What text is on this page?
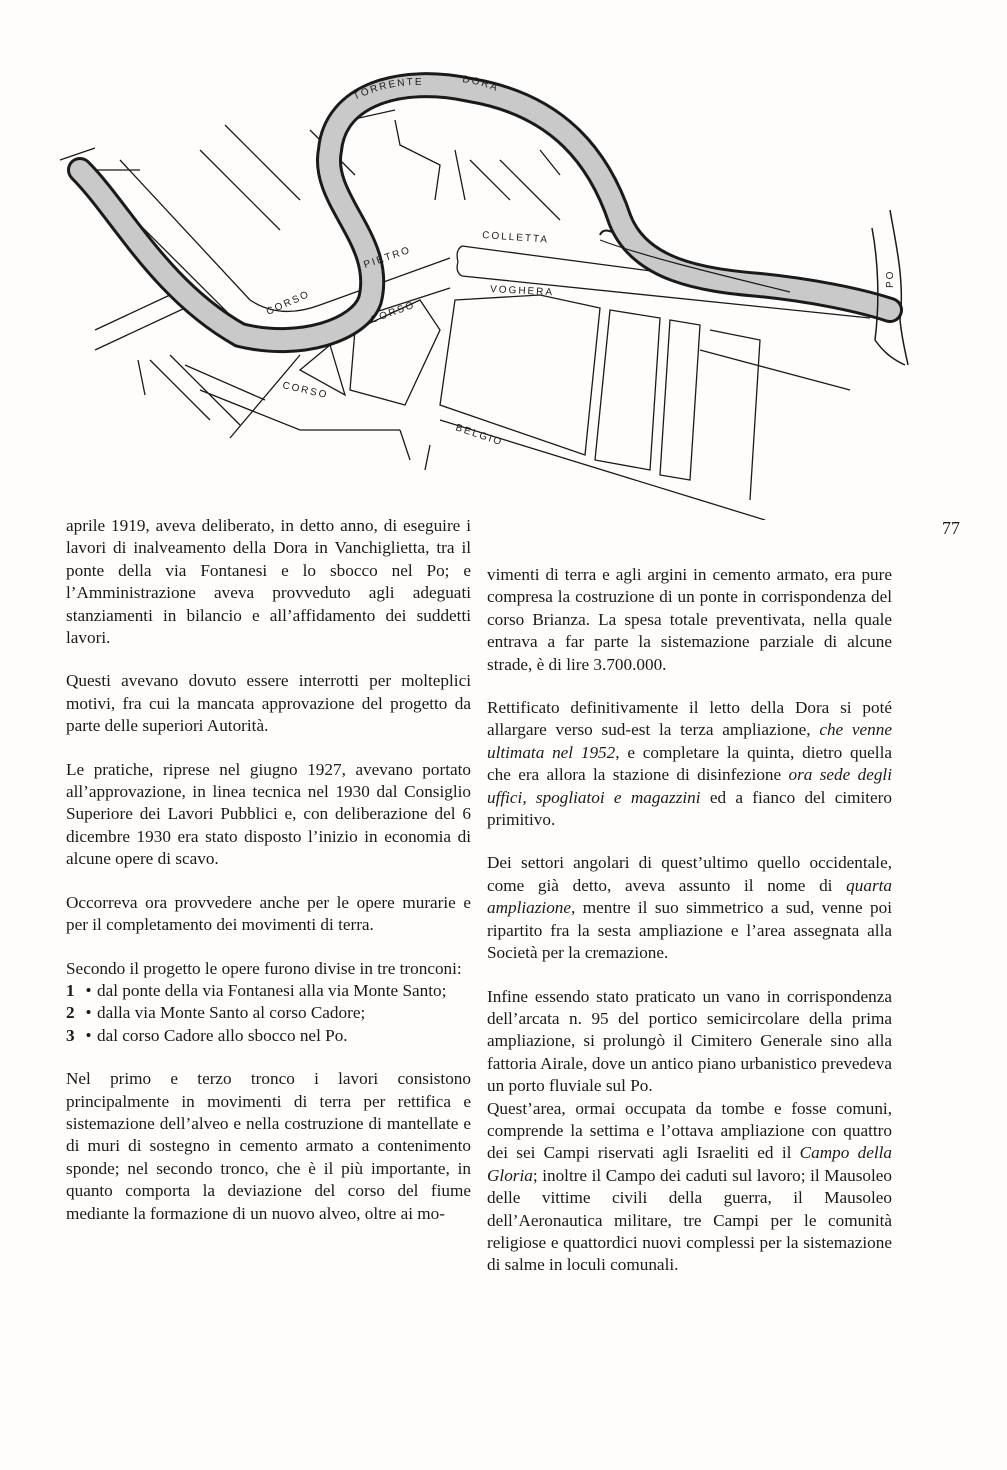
TORRENTE	DORA
COLLETTA
VOGHERA
PIETRO
CORSO
CORSO
CORSO
BELGIO
PO
77

aprile 1919, aveva deliberato, in detto anno, di eseguire i lavori di inalveamento della Dora in Vanchiglietta, tra il ponte della via Fontanesi e lo sbocco nel Po; e l’Amministrazione aveva provveduto agli adeguati stanziamenti in bilancio e all’affidamento dei suddetti lavori.

Questi avevano dovuto essere interrotti per molteplici motivi, fra cui la mancata approvazione del progetto da parte delle superiori Autorità.

Le pratiche, riprese nel giugno 1927, avevano portato all’approvazione, in linea tecnica nel 1930 dal Consiglio Superiore dei Lavori Pubblici e, con deliberazione del 6 dicembre 1930 era stato disposto l’inizio in economia di alcune opere di scavo.

Occorreva ora provvedere anche per le opere murarie e per il completamento dei movimenti di terra.

Secondo il progetto le opere furono divise in tre tronconi:

1 • dal ponte della via Fontanesi alla via Monte Santo;
2 • dalla via Monte Santo al corso Cadore;
3 • dal corso Cadore allo sbocco nel Po.

Nel primo e terzo tronco i lavori consistono principalmente in movimenti di terra per rettifica e sistemazione dell’alveo e nella costruzione di mantellate e di muri di sostegno in cemento armato a contenimento sponde; nel secondo tronco, che è il più importante, in quanto comporta la deviazione del corso del fiume mediante la formazione di un nuovo alveo, oltre ai mo-

vimenti di terra e agli argini in cemento armato, era pure compresa la costruzione di un ponte in corrispondenza del corso Brianza. La spesa totale preventivata, nella quale entrava a far parte la sistemazione parziale di alcune strade, è di lire 3.700.000.

Rettificato definitivamente il letto della Dora si poté allargare verso sud-est la terza ampliazione, che venne ultimata nel 1952, e completare la quinta, dietro quella che era allora la stazione di disinfezione ora sede degli uffici, spogliatoi e magazzini ed a fianco del cimitero primitivo.

Dei settori angolari di quest’ultimo quello occidentale, come già detto, aveva assunto il nome di quarta ampliazione, mentre il suo simmetrico a sud, venne poi ripartito fra la sesta ampliazione e l’area assegnata alla Società per la cremazione.

Infine essendo stato praticato un vano in corrispondenza dell’arcata n. 95 del portico semicircolare della prima ampliazione, si prolungò il Cimitero Generale sino alla fattoria Airale, dove un antico piano urbanistico prevedeva un porto fluviale sul Po.

Quest’area, ormai occupata da tombe e fosse comuni, comprende la settima e l’ottava ampliazione con quattro dei sei Campi riservati agli Israeliti ed il Campo della Gloria; inoltre il Campo dei caduti sul lavoro; il Mausoleo delle vittime civili della guerra, il Mausoleo dell’Aeronautica militare, tre Campi per le comunità religiose e quattordici nuovi complessi per la sistemazione di salme in loculi comunali.
